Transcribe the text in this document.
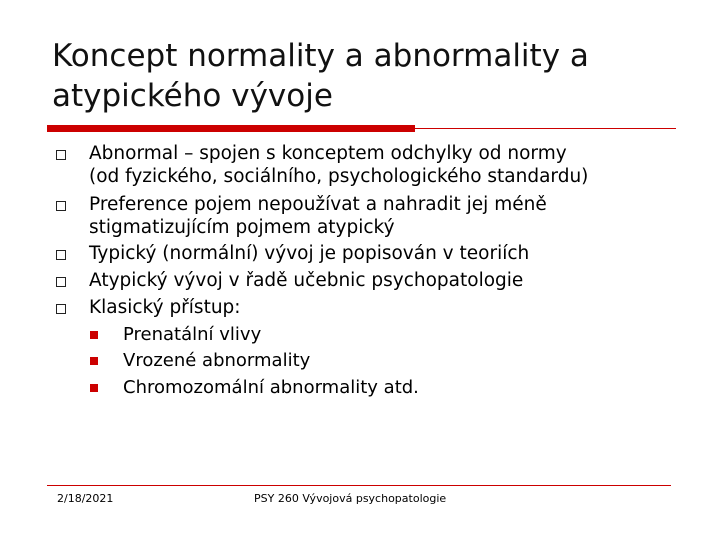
Koncept normality a abnormality a
atypického vývoje
Abnormal – spojen s konceptem odchylky od normy
(od fyzického, sociálního, psychologického standardu)
Preference pojem nepoužívat a nahradit jej méně
stigmatizujícím pojmem atypický
Typický (normální) vývoj je popisován v teoriích
Atypický vývoj v řadě učebnic psychopatologie
Klasický přístup:
Prenatální vlivy
Vrozené abnormality
Chromozomální abnormality atd.
2/18/2021	PSY 260 Vývojová psychopatologie
